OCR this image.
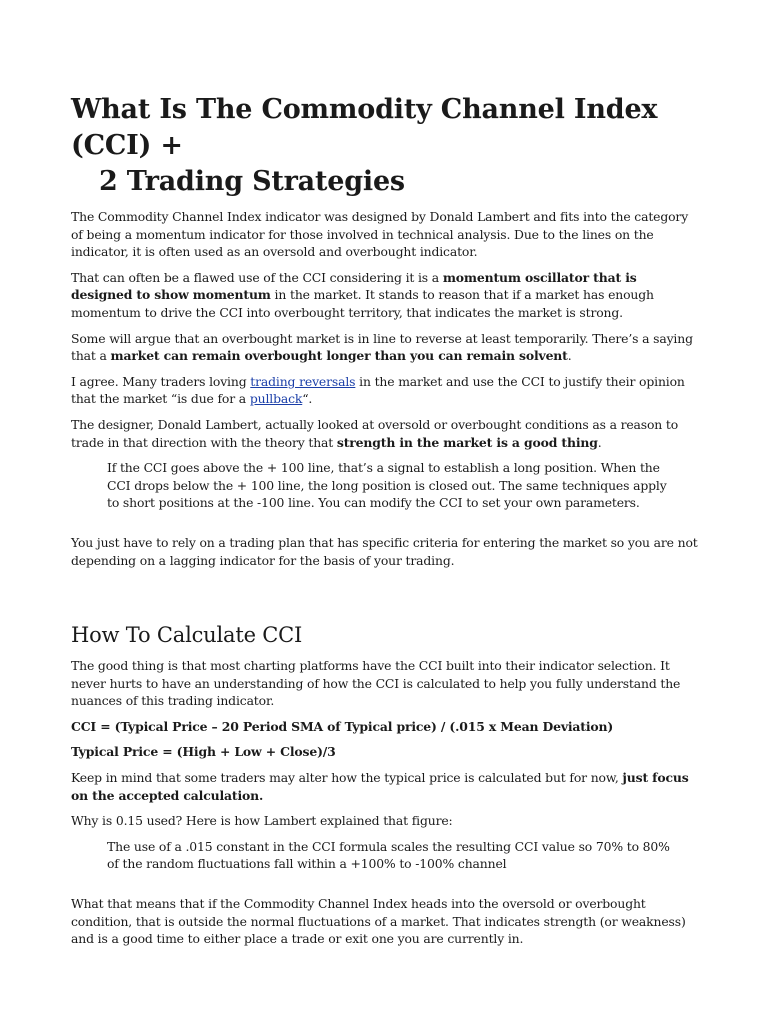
What Is The Commodity Channel Index (CCI) +
2 Trading Strategies

The Commodity Channel Index indicator was designed by Donald Lambert and fits into the category of being a momentum indicator for those involved in technical analysis. Due to the lines on the indicator, it is often used as an oversold and overbought indicator.

That can often be a flawed use of the CCI considering it is a momentum oscillator that is designed to show momentum in the market. It stands to reason that if a market has enough momentum to drive the CCI into overbought territory, that indicates the market is strong.

Some will argue that an overbought market is in line to reverse at least temporarily. There’s a saying that a market can remain overbought longer than you can remain solvent.

I agree. Many traders loving trading reversals in the market and use the CCI to justify their opinion that the market “is due for a pullback“.

The designer, Donald Lambert, actually looked at oversold or overbought conditions as a reason to trade in that direction with the theory that strength in the market is a good thing.

If the CCI goes above the + 100 line, that’s a signal to establish a long position. When the CCI drops below the + 100 line, the long position is closed out. The same techniques apply to short positions at the -100 line. You can modify the CCI to set your own parameters.

You just have to rely on a trading plan that has specific criteria for entering the market so you are not depending on a lagging indicator for the basis of your trading.

How To Calculate CCI

The good thing is that most charting platforms have the CCI built into their indicator selection. It never hurts to have an understanding of how the CCI is calculated to help you fully understand the nuances of this trading indicator.

CCI = (Typical Price – 20 Period SMA of Typical price) / (.015 x Mean Deviation)

Typical Price = (High + Low + Close)/3

Keep in mind that some traders may alter how the typical price is calculated but for now, just focus on the accepted calculation.

Why is 0.15 used? Here is how Lambert explained that figure:

The use of a .015 constant in the CCI formula scales the resulting CCI value so 70% to 80% of the random fluctuations fall within a +100% to -100% channel

What that means that if the Commodity Channel Index heads into the oversold or overbought condition, that is outside the normal fluctuations of a market. That indicates strength (or weakness) and is a good time to either place a trade or exit one you are currently in.
